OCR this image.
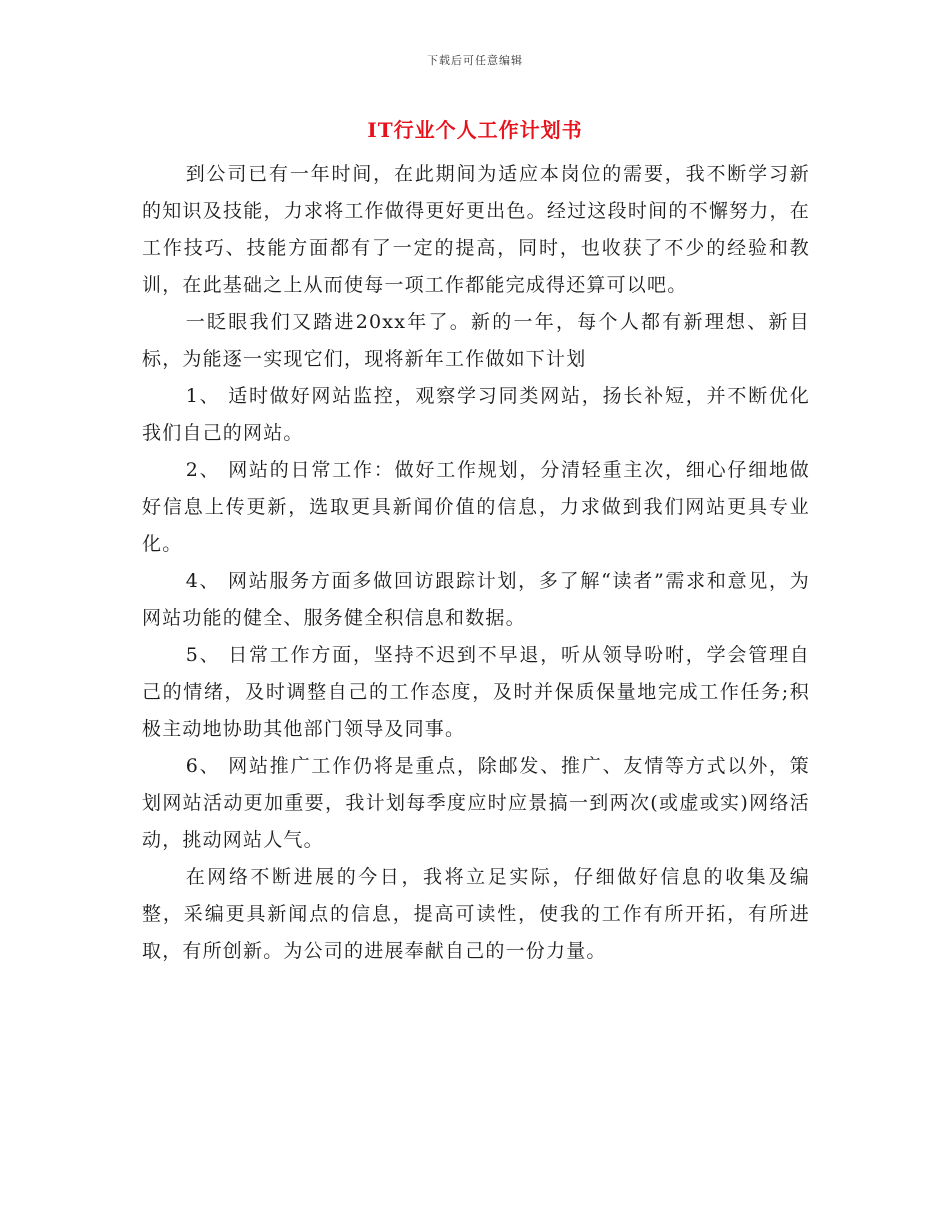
下载后可任意编辑
IT行业个人工作计划书

到公司已有一年时间，在此期间为适应本岗位的需要，我不断学习新的知识及技能，力求将工作做得更好更出色。经过这段时间的不懈努力，在工作技巧、技能方面都有了一定的提高，同时，也收获了不少的经验和教训，在此基础之上从而使每一项工作都能完成得还算可以吧。

一眨眼我们又踏进20xx年了。新的一年，每个人都有新理想、新目标，为能逐一实现它们，现将新年工作做如下计划

1、 适时做好网站监控，观察学习同类网站，扬长补短，并不断优化我们自己的网站。

2、 网站的日常工作：做好工作规划，分清轻重主次，细心仔细地做好信息上传更新，选取更具新闻价值的信息，力求做到我们网站更具专业化。

4、 网站服务方面多做回访跟踪计划，多了解“读者”需求和意见，为网站功能的健全、服务健全积信息和数据。

5、 日常工作方面，坚持不迟到不早退，听从领导吩咐，学会管理自己的情绪，及时调整自己的工作态度，及时并保质保量地完成工作任务;积极主动地协助其他部门领导及同事。

6、 网站推广工作仍将是重点，除邮发、推广、友情等方式以外，策划网站活动更加重要，我计划每季度应时应景搞一到两次(或虚或实)网络活动，挑动网站人气。

在网络不断进展的今日，我将立足实际，仔细做好信息的收集及编整，采编更具新闻点的信息，提高可读性，使我的工作有所开拓，有所进取，有所创新。为公司的进展奉献自己的一份力量。
